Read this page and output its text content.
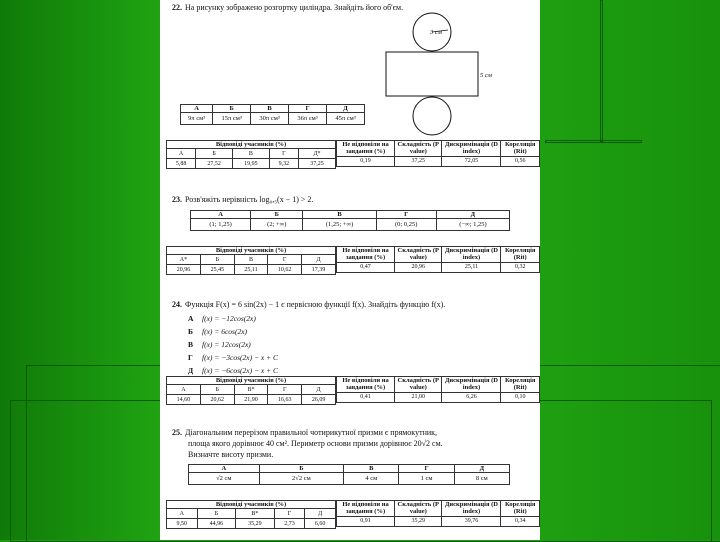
22. На рисунку зображено розгортку циліндра. Знайдіть його об'єм.
3 см
5 см
А	Б	В	Г	Д
9π см³	15π см³	30π см³	36π см³	45π см³
Відповіді учасників (%)				
А	Б	В	Г	Д*
5,88	27,52	19,95	9,32	37,25
Не відповіли на завдання (%)	Складність (P value)	Дискримінація (D index)	Кореляція (Rit)
0,19	37,25	72,05	0,56
23. Розв'яжіть нерівність log₀,₅(x − 1) > 2.
А	Б	В	Г	Д
(1; 1,25)	(2; +∞)	(1,25; +∞)	(0; 0,25)	(−∞; 1,25)
Відповіді учасників (%)				
А*	Б	В	Г	Д
20,96	25,45	25,11	10,62	17,39
Не відповіли на завдання (%)	Складність (P value)	Дискримінація (D index)	Кореляція (Rit)
0,47	20,96	25,11	0,32
24. Функція F(x) = 6 sin(2x) − 1 є первісною функції f(x). Знайдіть функцію f(x).
А f(x) = −12cos(2x)
Б f(x) = 6cos(2x)
В f(x) = 12cos(2x)
Г f(x) = −3cos(2x) − x + C
Д f(x) = −6cos(2x) − x + C
Відповіді учасників (%)				
А	Б	В*	Г	Д
14,60	20,62	21,90	16,63	26,09
Не відповіли на завдання (%)	Складність (P value)	Дискримінація (D index)	Кореляція (Rit)
0,41	21,00	6,26	0,10
25. Діагональним перерізом правильної чотирикутної призми є прямокутник,
площа якого дорівнює 40 см². Периметр основи призми дорівнює 20√2 см.
Визначте висоту призми.
А	Б	В	Г	Д
√2 см	2√2 см	4 см	1 см	8 см
Відповіді учасників (%)				
А	Б	В*	Г	Д
9,50	44,96	35,29	2,73	6,60
Не відповіли на завдання (%)	Складність (P value)	Дискримінація (D index)	Кореляція (Rit)
0,91	35,29	39,76	0,34
